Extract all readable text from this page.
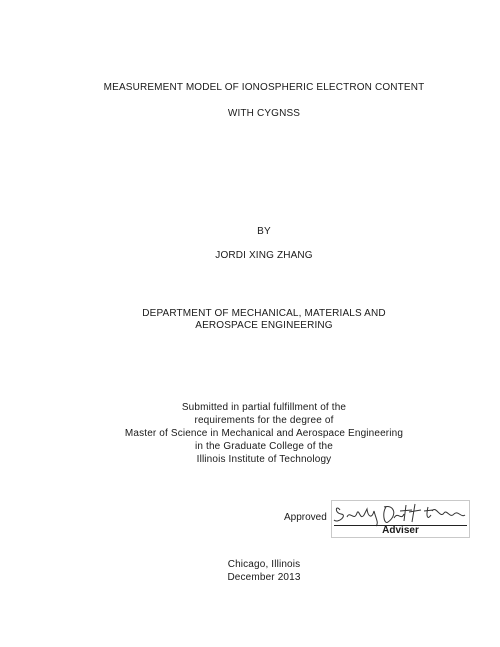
MEASUREMENT MODEL OF IONOSPHERIC ELECTRON CONTENT
WITH CYGNSS
BY
JORDI XING ZHANG
DEPARTMENT OF MECHANICAL, MATERIALS AND
AEROSPACE ENGINEERING
Submitted in partial fulfillment of the
requirements for the degree of
Master of Science in Mechanical and Aerospace Engineering
in the Graduate College of the
Illinois Institute of Technology
Approved
Adviser
Chicago, Illinois
December 2013
